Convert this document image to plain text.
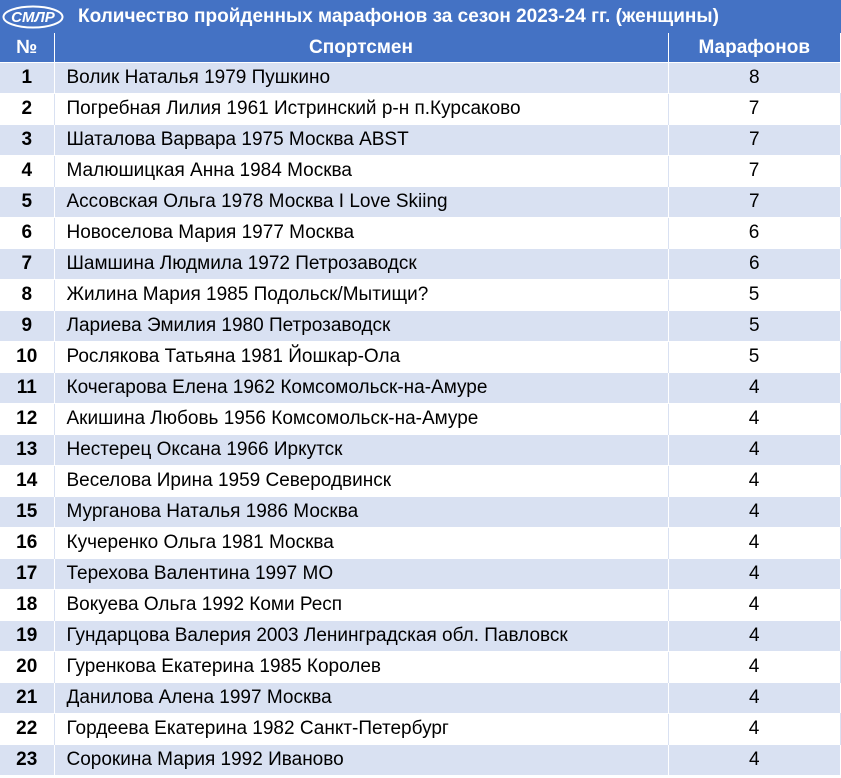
СМЛР Количество пройденных марафонов за сезон 2023-24 гг. (женщины)
№	Спортсмен	Марафонов
1	Волик Наталья 1979 Пушкино	8
2	Погребная Лилия 1961 Истринский р-н п.Курсаково	7
3	Шаталова Варвара 1975 Москва ABST	7
4	Малюшицкая Анна 1984 Москва	7
5	Ассовская Ольга 1978 Москва I Love Skiing	7
6	Новоселова Мария 1977 Москва	6
7	Шамшина Людмила 1972 Петрозаводск	6
8	Жилина Мария 1985 Подольск/Мытищи?	5
9	Лариева Эмилия 1980 Петрозаводск	5
10	Рослякова Татьяна 1981 Йошкар-Ола	5
11	Кочегарова Елена 1962 Комсомольск-на-Амуре	4
12	Акишина Любовь 1956 Комсомольск-на-Амуре	4
13	Нестерец Оксана 1966 Иркутск	4
14	Веселова Ирина 1959 Северодвинск	4
15	Мурганова Наталья 1986 Москва	4
16	Кучеренко Ольга 1981 Москва	4
17	Терехова Валентина 1997 МО	4
18	Вокуева Ольга 1992 Коми Респ	4
19	Гундарцова Валерия 2003 Ленинградская обл. Павловск	4
20	Гуренкова Екатерина 1985 Королев	4
21	Данилова Алена 1997 Москва	4
22	Гордеева Екатерина 1982 Санкт-Петербург	4
23	Сорокина Мария 1992 Иваново	4
